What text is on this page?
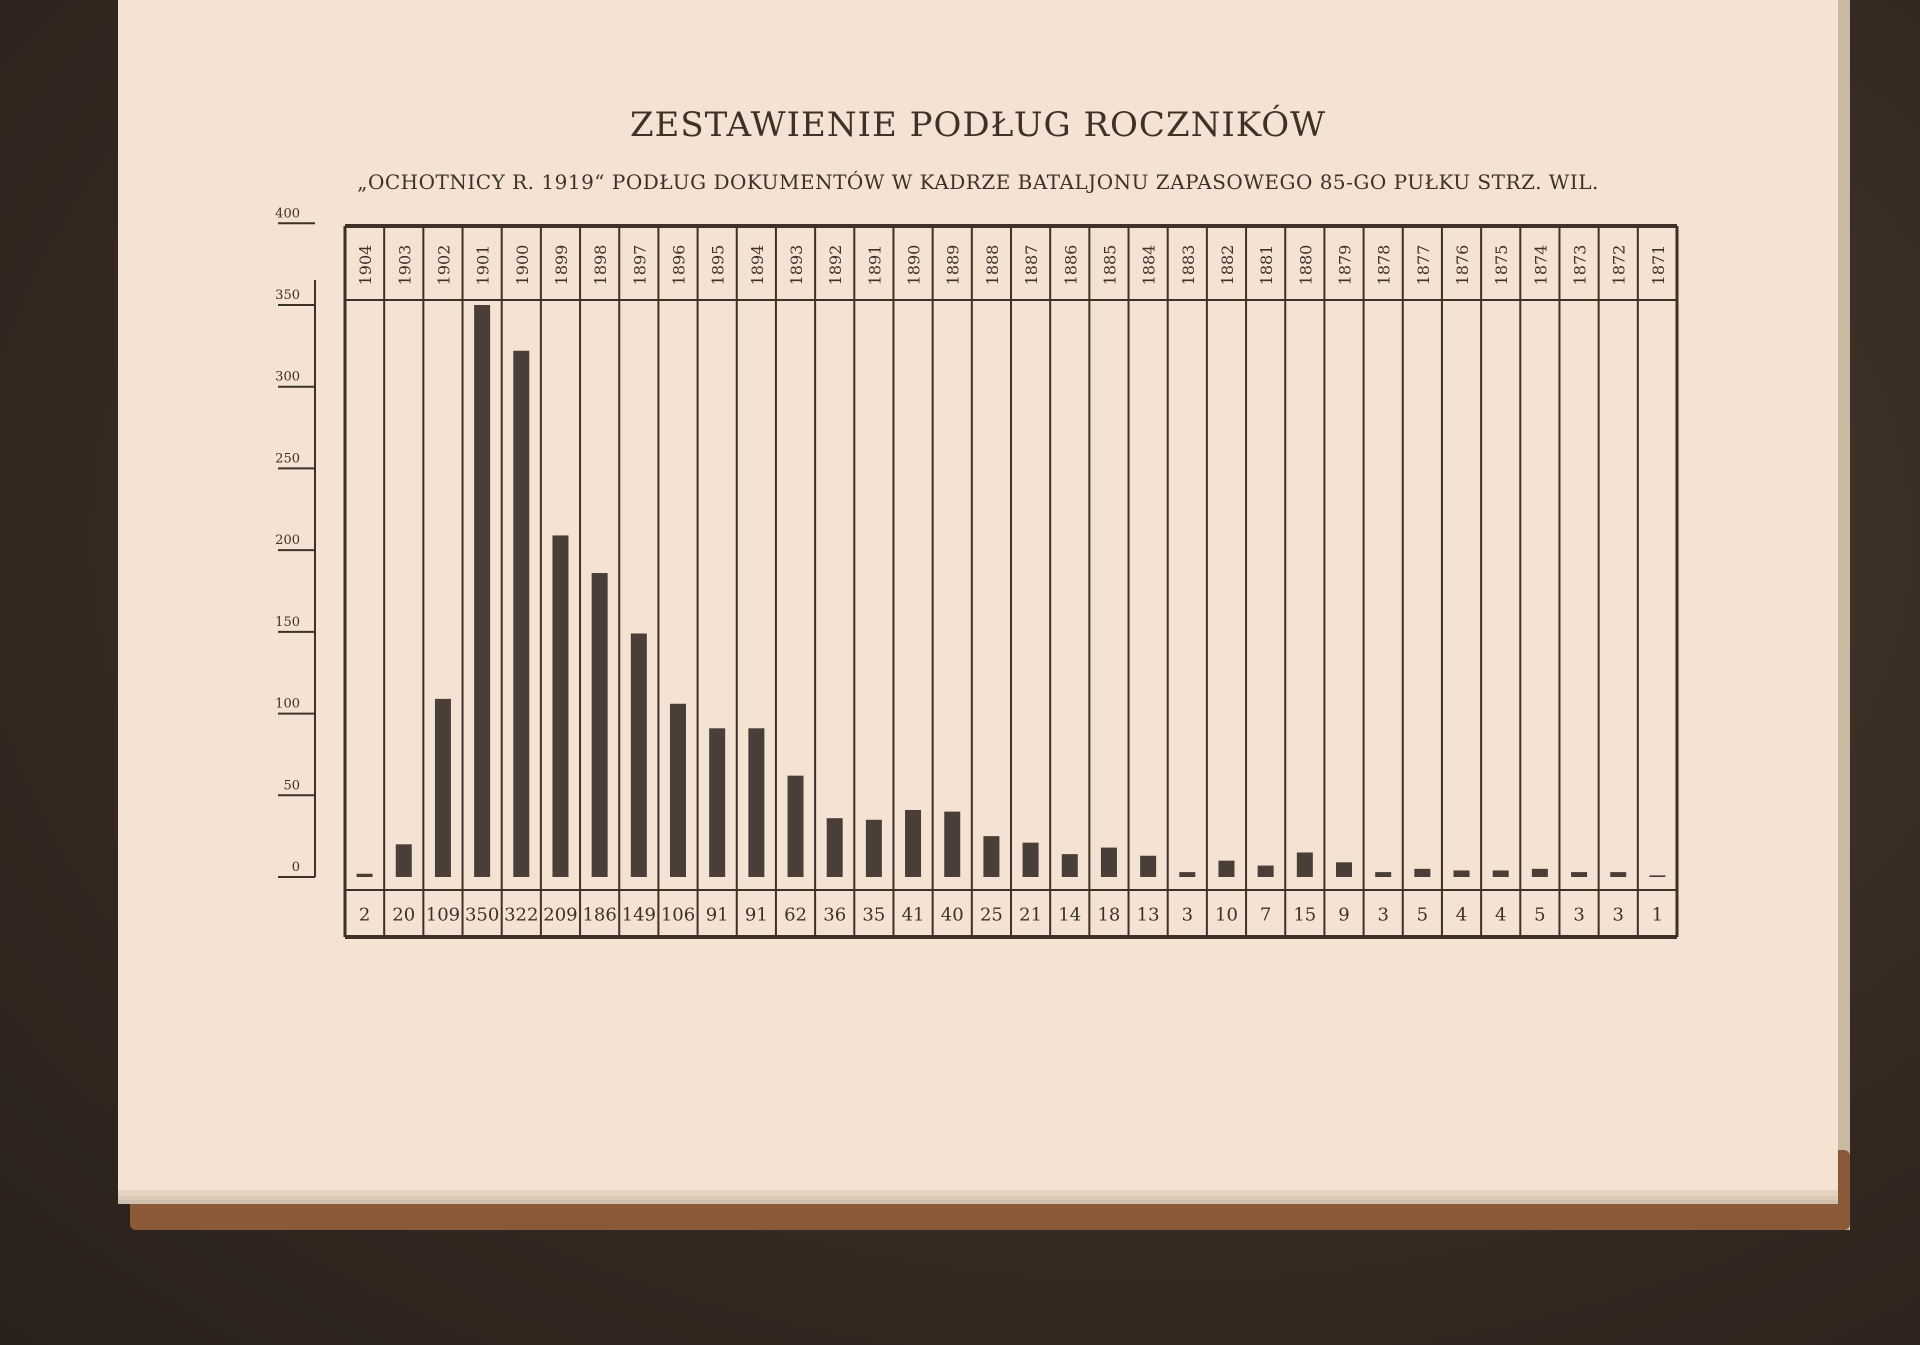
ZESTAWIENIE PODŁUG ROCZNIKÓW
„OCHOTNICY R. 1919“ PODŁUG DOKUMENTÓW W KADRZE BATALJONU ZAPASOWEGO 85-GO PUŁKU STRZ. WIL.
0
50
100
150
200
250
300
350
400
1904
2
1903
20
1902
109
1901
350
1900
322
1899
209
1898
186
1897
149
1896
106
1895
91
1894
91
1893
62
1892
36
1891
35
1890
41
1889
40
1888
25
1887
21
1886
14
1885
18
1884
13
1883
3
1882
10
1881
7
1880
15
1879
9
1878
3
1877
5
1876
4
1875
4
1874
5
1873
3
1872
3
1871
1
